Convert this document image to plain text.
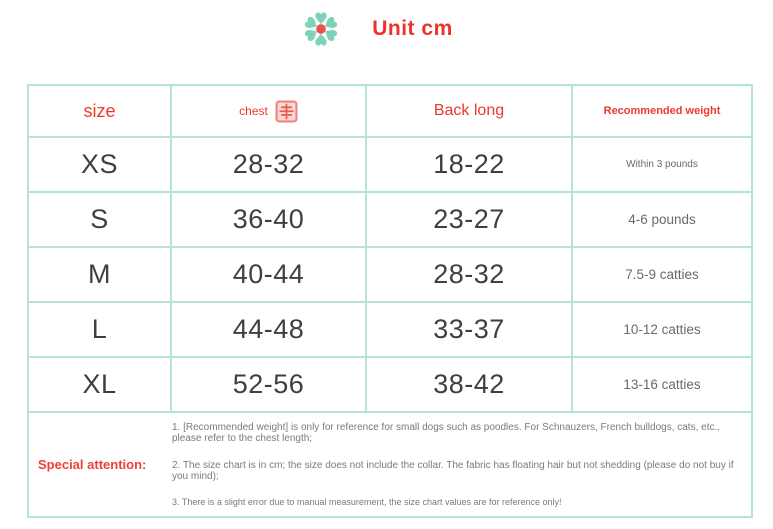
Unit cm
size	chest	Back long	Recommended weight
XS	28-32	18-22	Within 3 pounds
S	36-40	23-27	4-6 pounds
M	40-44	28-32	7.5-9 catties
L	44-48	33-37	10-12 catties
XL	52-56	38-42	13-16 catties
Special attention:
1. [Recommended weight] is only for reference for small dogs such as poodles. For Schnauzers, French bulldogs, cats, etc., please refer to the chest length;
2. The size chart is in cm; the size does not include the collar. The fabric has floating hair but not shedding (please do not buy if you mind);
3. There is a slight error due to manual measurement, the size chart values are for reference only!
